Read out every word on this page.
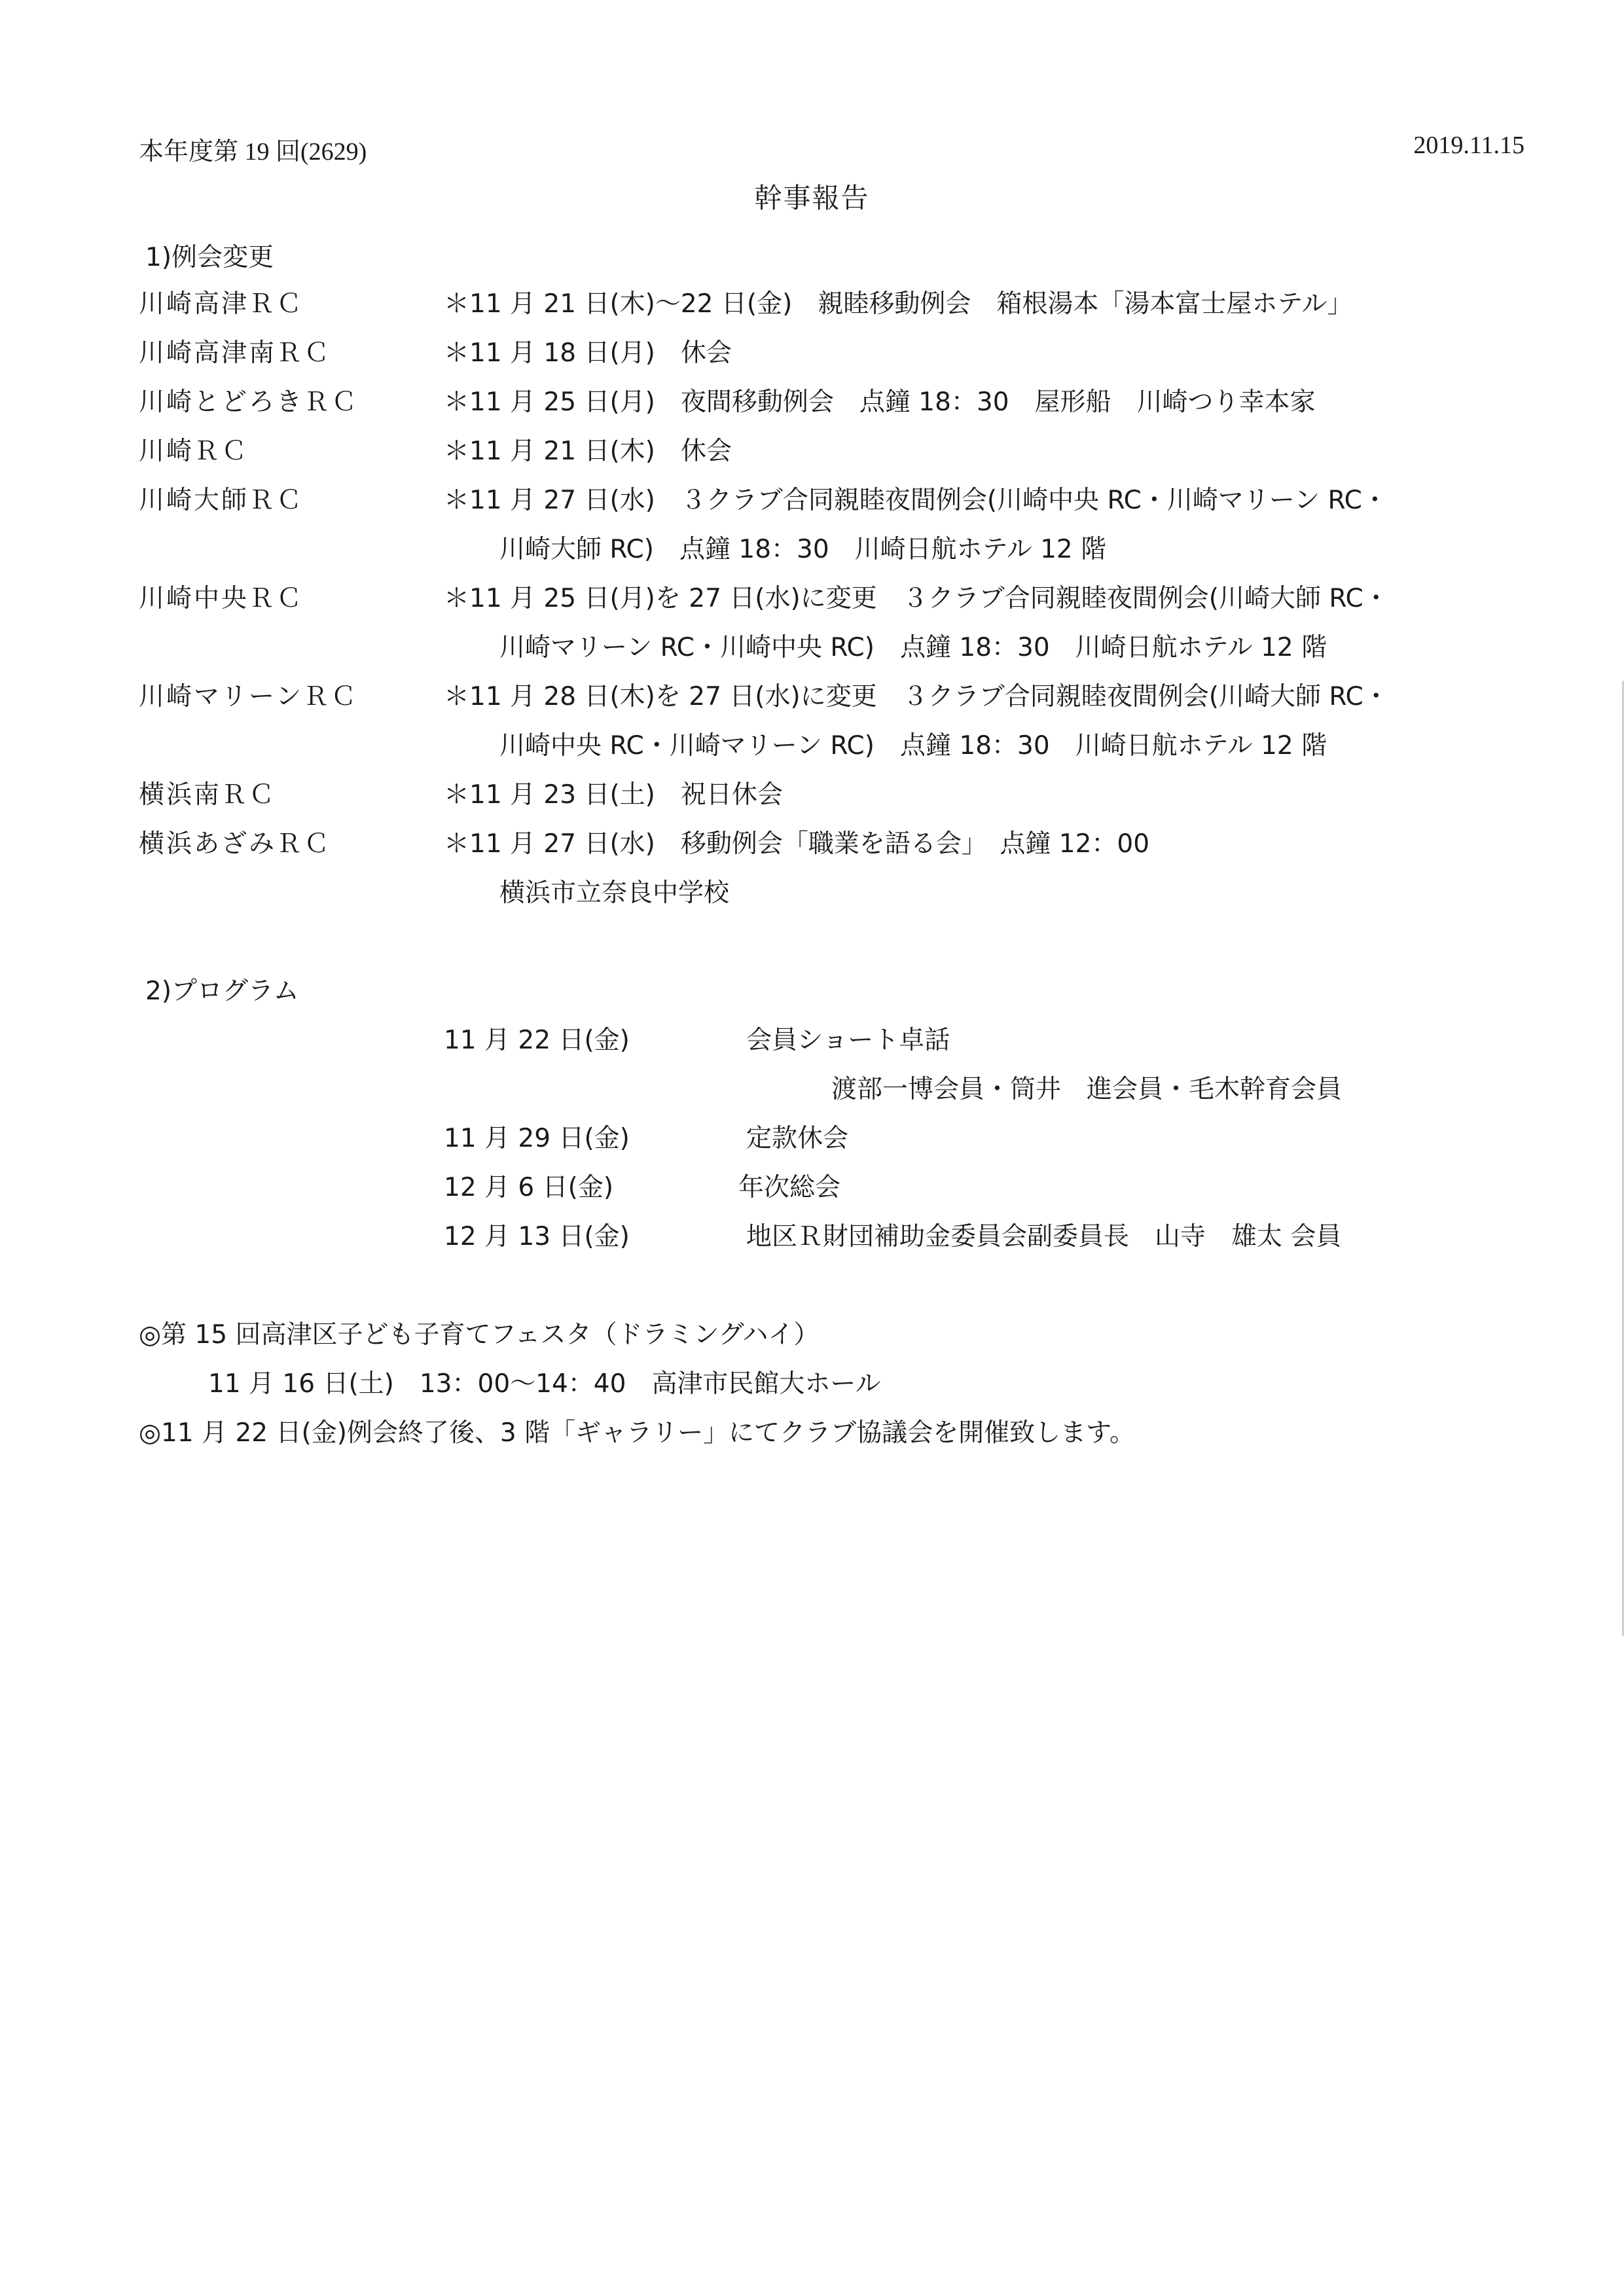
本年度第 19 回(2629)	2019.11.15
幹事報告
1)例会変更
川崎高津ＲＣ	＊11 月 21 日(木)～22 日(金)　親睦移動例会　箱根湯本「湯本富士屋ホテル」
川崎高津南ＲＣ	＊11 月 18 日(月)　休会
川崎とどろきＲＣ	＊11 月 25 日(月)　夜間移動例会　点鐘 18：30　屋形船　川崎つり幸本家
川崎ＲＣ	＊11 月 21 日(木)　休会
川崎大師ＲＣ	＊11 月 27 日(水)　３クラブ合同親睦夜間例会(川崎中央 RC・川崎マリーン RC・
川崎大師 RC)　点鐘 18：30　川崎日航ホテル 12 階
川崎中央ＲＣ	＊11 月 25 日(月)を 27 日(水)に変更　３クラブ合同親睦夜間例会(川崎大師 RC・
川崎マリーン RC・川崎中央 RC)　点鐘 18：30　川崎日航ホテル 12 階
川崎マリーンＲＣ	＊11 月 28 日(木)を 27 日(水)に変更　３クラブ合同親睦夜間例会(川崎大師 RC・
川崎中央 RC・川崎マリーン RC)　点鐘 18：30　川崎日航ホテル 12 階
横浜南ＲＣ	＊11 月 23 日(土)　祝日休会
横浜あざみＲＣ	＊11 月 27 日(水)　移動例会「職業を語る会」　点鐘 12：00
横浜市立奈良中学校
2)プログラム
11 月 22 日(金)	会員ショート卓話
渡部一博会員・筒井　進会員・毛木幹育会員
11 月 29 日(金)	定款休会
12 月 6 日(金)	年次総会
12 月 13 日(金)	地区Ｒ財団補助金委員会副委員長　山寺　雄太 会員
◎第 15 回高津区子ども子育てフェスタ（ドラミングハイ）
11 月 16 日(土)　13：00～14：40　高津市民館大ホール
◎11 月 22 日(金)例会終了後、3 階「ギャラリー」にてクラブ協議会を開催致します。
